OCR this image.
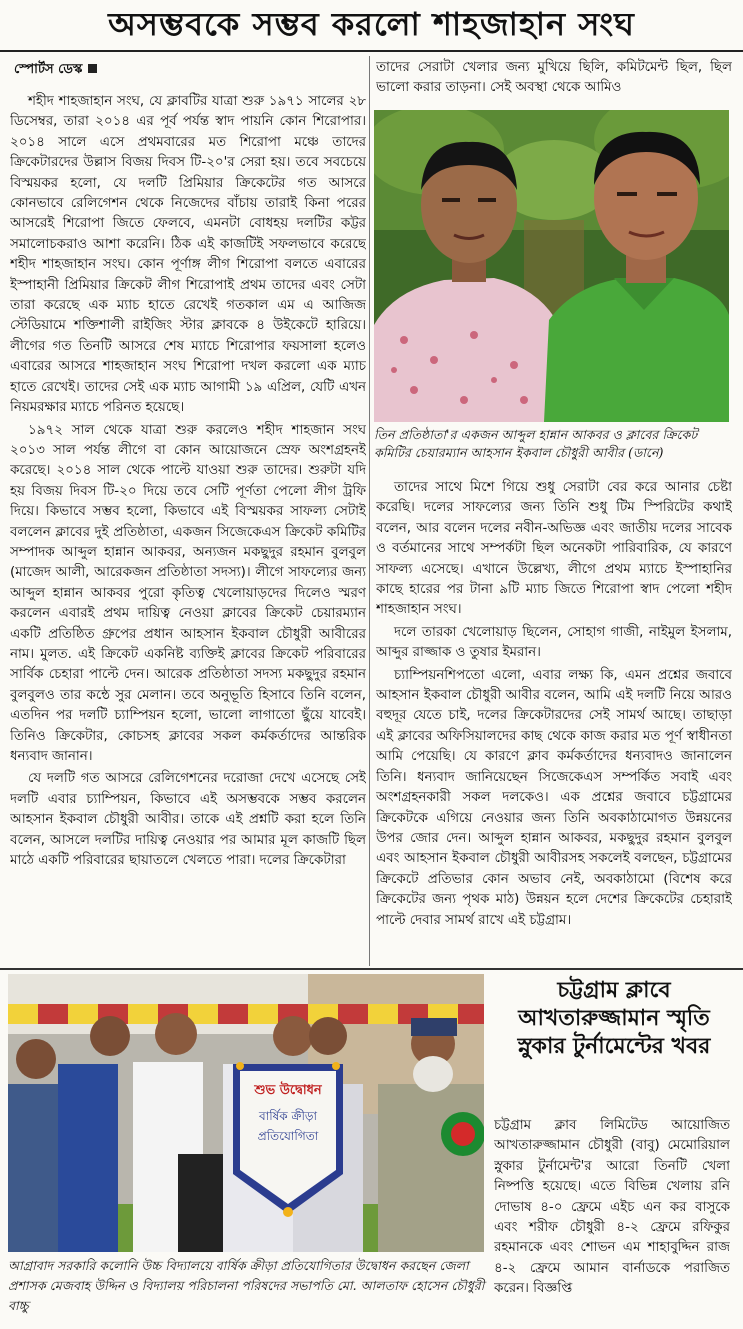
অসম্ভবকে সম্ভব করলো শাহজাহান সংঘ
স্পোর্টস ডেস্ক

শহীদ শাহজাহান সংঘ, যে ক্লাবটির যাত্রা শুরু ১৯৭১ সালের ২৮ ডিসেম্বর, তারা ২০১৪ এর পূর্ব পর্যন্ত স্বাদ পায়নি কোন শিরোপার। ২০১৪ সালে এসে প্রথমবারের মত শিরোপা মঞ্চে তাদের ক্রিকেটারদের উল্লাস বিজয় দিবস টি-২০'র সেরা হয়। তবে সবচেয়ে বিস্ময়কর হলো, যে দলটি প্রিমিয়ার ক্রিকেটের গত আসরে কোনভাবে রেলিগেশন থেকে নিজেদের বাঁচায় তারাই কিনা পরের আসরেই শিরোপা জিতে ফেলবে, এমনটা বোধহয় দলটির কট্টর সমালোচকরাও আশা করেনি। ঠিক এই কাজটিই সফলভাবে করেছে শহীদ শাহজাহান সংঘ। কোন পূর্ণাঙ্গ লীগ শিরোপা বলতে এবারের ইস্পাহানী প্রিমিয়ার ক্রিকেট লীগ শিরোপাই প্রথম তাদের এবং সেটা তারা করেছে এক ম্যাচ হাতে রেখেই গতকাল এম এ আজিজ স্টেডিয়ামে শক্তিশালী রাইজিং স্টার ক্লাবকে ৪ উইকেটে হারিয়ে। লীগের গত তিনটি আসরে শেষ ম্যাচে শিরোপার ফয়সালা হলেও এবারের আসরে শাহজাহান সংঘ শিরোপা দখল করলো এক ম্যাচ হাতে রেখেই। তাদের সেই এক ম্যাচ আগামী ১৯ এপ্রিল, যেটি এখন নিয়মরক্ষার ম্যাচে পরিনত হয়েছে।

১৯৭২ সাল থেকে যাত্রা শুরু করলেও শহীদ শাহজান সংঘ ২০১৩ সাল পর্যন্ত লীগে বা কোন আয়োজনে স্রেফ অংশগ্রহনই করেছে। ২০১৪ সাল থেকে পাল্টে যাওয়া শুরু তাদের। শুরুটা যদি হয় বিজয় দিবস টি-২০ দিয়ে তবে সেটি পূর্ণতা পেলো লীগ ট্রফি দিয়ে। কিভাবে সম্ভব হলো, কিভাবে এই বিস্ময়কর সাফল্য সেটাই বললেন ক্লাবের দুই প্রতিষ্ঠাতা, একজন সিজেকেএস ক্রিকেট কমিটির সম্পাদক আব্দুল হান্নান আকবর, অন্যজন মকছুদুর রহমান বুলবুল (মাজেদ আলী, আরেকজন প্রতিষ্ঠাতা সদস্য)। লীগে সাফল্যের জন্য আব্দুল হান্নান আকবর পুরো কৃতিত্ব খেলোয়াড়দের দিলেও স্মরণ করলেন এবারই প্রথম দায়িত্ব নেওয়া ক্লাবের ক্রিকেট চেয়ারম্যান একটি প্রতিষ্ঠিত গ্রুপের প্রধান আহসান ইকবাল চৌধুরী আবীরের নাম। মুলত. এই ক্রিকেট একনিষ্ট ব্যক্তিই ক্লাবের ক্রিকেট পরিবারের সার্বিক চেহারা পাল্টে দেন। আরেক প্রতিষ্ঠাতা সদস্য মকছুদুর রহমান বুলবুলও তার কন্ঠে সুর মেলান। তবে অনুভূতি হিসাবে তিনি বলেন, এতদিন পর দলটি চ্যাম্পিয়ন হলো, ভালো লাগাতো ছুঁয়ে যাবেই। তিনিও ক্রিকেটার, কোচসহ ক্লাবের সকল কর্মকর্তাদের আন্তরিক ধন্যবাদ জানান।

যে দলটি গত আসরে রেলিগেশনের দরোজা দেখে এসেছে সেই দলটি এবার চ্যাম্পিয়ন, কিভাবে এই অসম্ভবকে সম্ভব করলেন আহসান ইকবাল চৌধুরী আবীর। তাকে এই প্রশ্নটি করা হলে তিনি বলেন, আসলে দলটির দায়িত্ব নেওয়ার পর আমার মূল কাজটি ছিল মাঠে একটি পরিবারের ছায়াতলে খেলতে পারা। দলের ক্রিকেটারা

তাদের সেরাটা খেলার জন্য মুখিয়ে ছিলি, কমিটমেন্ট ছিল, ছিল ভালো করার তাড়না। সেই অবস্থা থেকে আমিও
তিন প্রতিষ্ঠাতা'র একজন আব্দুল হান্নান আকবর ও ক্লাবের ক্রিকেট কমিটির চেয়ারম্যান আহসান ইকবাল চৌধুরী আবীর (ডানে)

তাদের সাথে মিশে গিয়ে শুধু সেরাটা বের করে আনার চেষ্টা করেছি। দলের সাফল্যের জন্য তিনি শুধু টিম স্পিরিটের কথাই বলেন, আর বলেন দলের নবীন-অভিজ্ঞ এবং জাতীয় দলের সাবেক ও বর্তমানের সাথে সম্পর্কটা ছিল অনেকটা পারিবারিক, যে কারণে সাফল্য এসেছে। এখানে উল্লেখ্য, লীগে প্রথম ম্যাচে ইস্পাহানির কাছে হারের পর টানা ৯টি ম্যাচ জিতে শিরোপা স্বাদ পেলো শহীদ শাহজাহান সংঘ।

দলে তারকা খেলোয়াড় ছিলেন, সোহাগ গাজী, নাইমুল ইসলাম, আব্দুর রাজ্জাক ও তুষার ইমরান।

চ্যাম্পিয়নশিপতো এলো, এবার লক্ষ্য কি, এমন প্রশ্নের জবাবে আহসান ইকবাল চৌধুরী আবীর বলেন, আমি এই দলটি নিয়ে আরও বহুদূর যেতে চাই, দলের ক্রিকেটারদের সেই সামর্থ আছে। তাছাড়া এই ক্লাবের অফিসিয়ালদের কাছ থেকে কাজ করার মত পূর্ণ স্বাধীনতা আমি পেয়েছি। যে কারণে ক্লাব কর্মকর্তাদের ধন্যবাদও জানালেন তিনি। ধন্যবাদ জানিয়েছেন সিজেকেএস সম্পর্কিত সবাই এবং অংশগ্রহনকারী সকল দলকেও। এক প্রশ্নের জবাবে চট্টগ্রামের ক্রিকেটকে এগিয়ে নেওয়ার জন্য তিনি অবকাঠামোগত উন্নয়নের উপর জোর দেন। আব্দুল হান্নান আকবর, মকছুদুর রহমান বুলবুল এবং আহসান ইকবাল চৌধুরী আবীরসহ সকলেই বলছেন, চট্টগ্রামের ক্রিকেটে প্রতিভার কোন অভাব নেই, অবকাঠামো (বিশেষ করে ক্রিকেটের জন্য পৃথক মাঠ) উন্নয়ন হলে দেশের ক্রিকেটের চেহারাই পাল্টে দেবার সামর্থ রাখে এই চট্টগ্রাম।

শুভ উদ্বোধন
বার্ষিক ক্রীড়া
প্রতিযোগিতা
আগ্রাবাদ সরকারি কলোনি উচ্চ বিদ্যালয়ে বার্ষিক ক্রীড়া প্রতিযোগিতার উদ্বোধন করছেন জেলা প্রশাসক মেজবাহ উদ্দিন ও বিদ্যালয় পরিচালনা পরিষদের সভাপতি মো. আলতাফ হোসেন চৌধুরী বাচ্চু
চট্টগ্রাম ক্লাবে আখতারুজ্জামান স্মৃতি স্নুকার টুর্নামেন্টের খবর

চট্টগ্রাম ক্লাব লিমিটেড আয়োজিত আখতারুজ্জামান চৌধুরী (বাবু) মেমোরিয়াল স্নুকার টুর্নামেন্ট'র আরো তিনটি খেলা নিষ্পত্তি হয়েছে। এতে বিভিন্ন খেলায় রনি দোভাষ ৪-০ ফ্রেমে এইচ এন কর বাসুকে এবং শরীফ চৌধুরী ৪-২ ফ্রেমে রফিকুর রহমানকে এবং শোভন এম শাহাবুদ্দিন রাজ ৪-২ ফ্রেমে আমান বার্নাডকে পরাজিত করেন। বিজ্ঞপ্তি
